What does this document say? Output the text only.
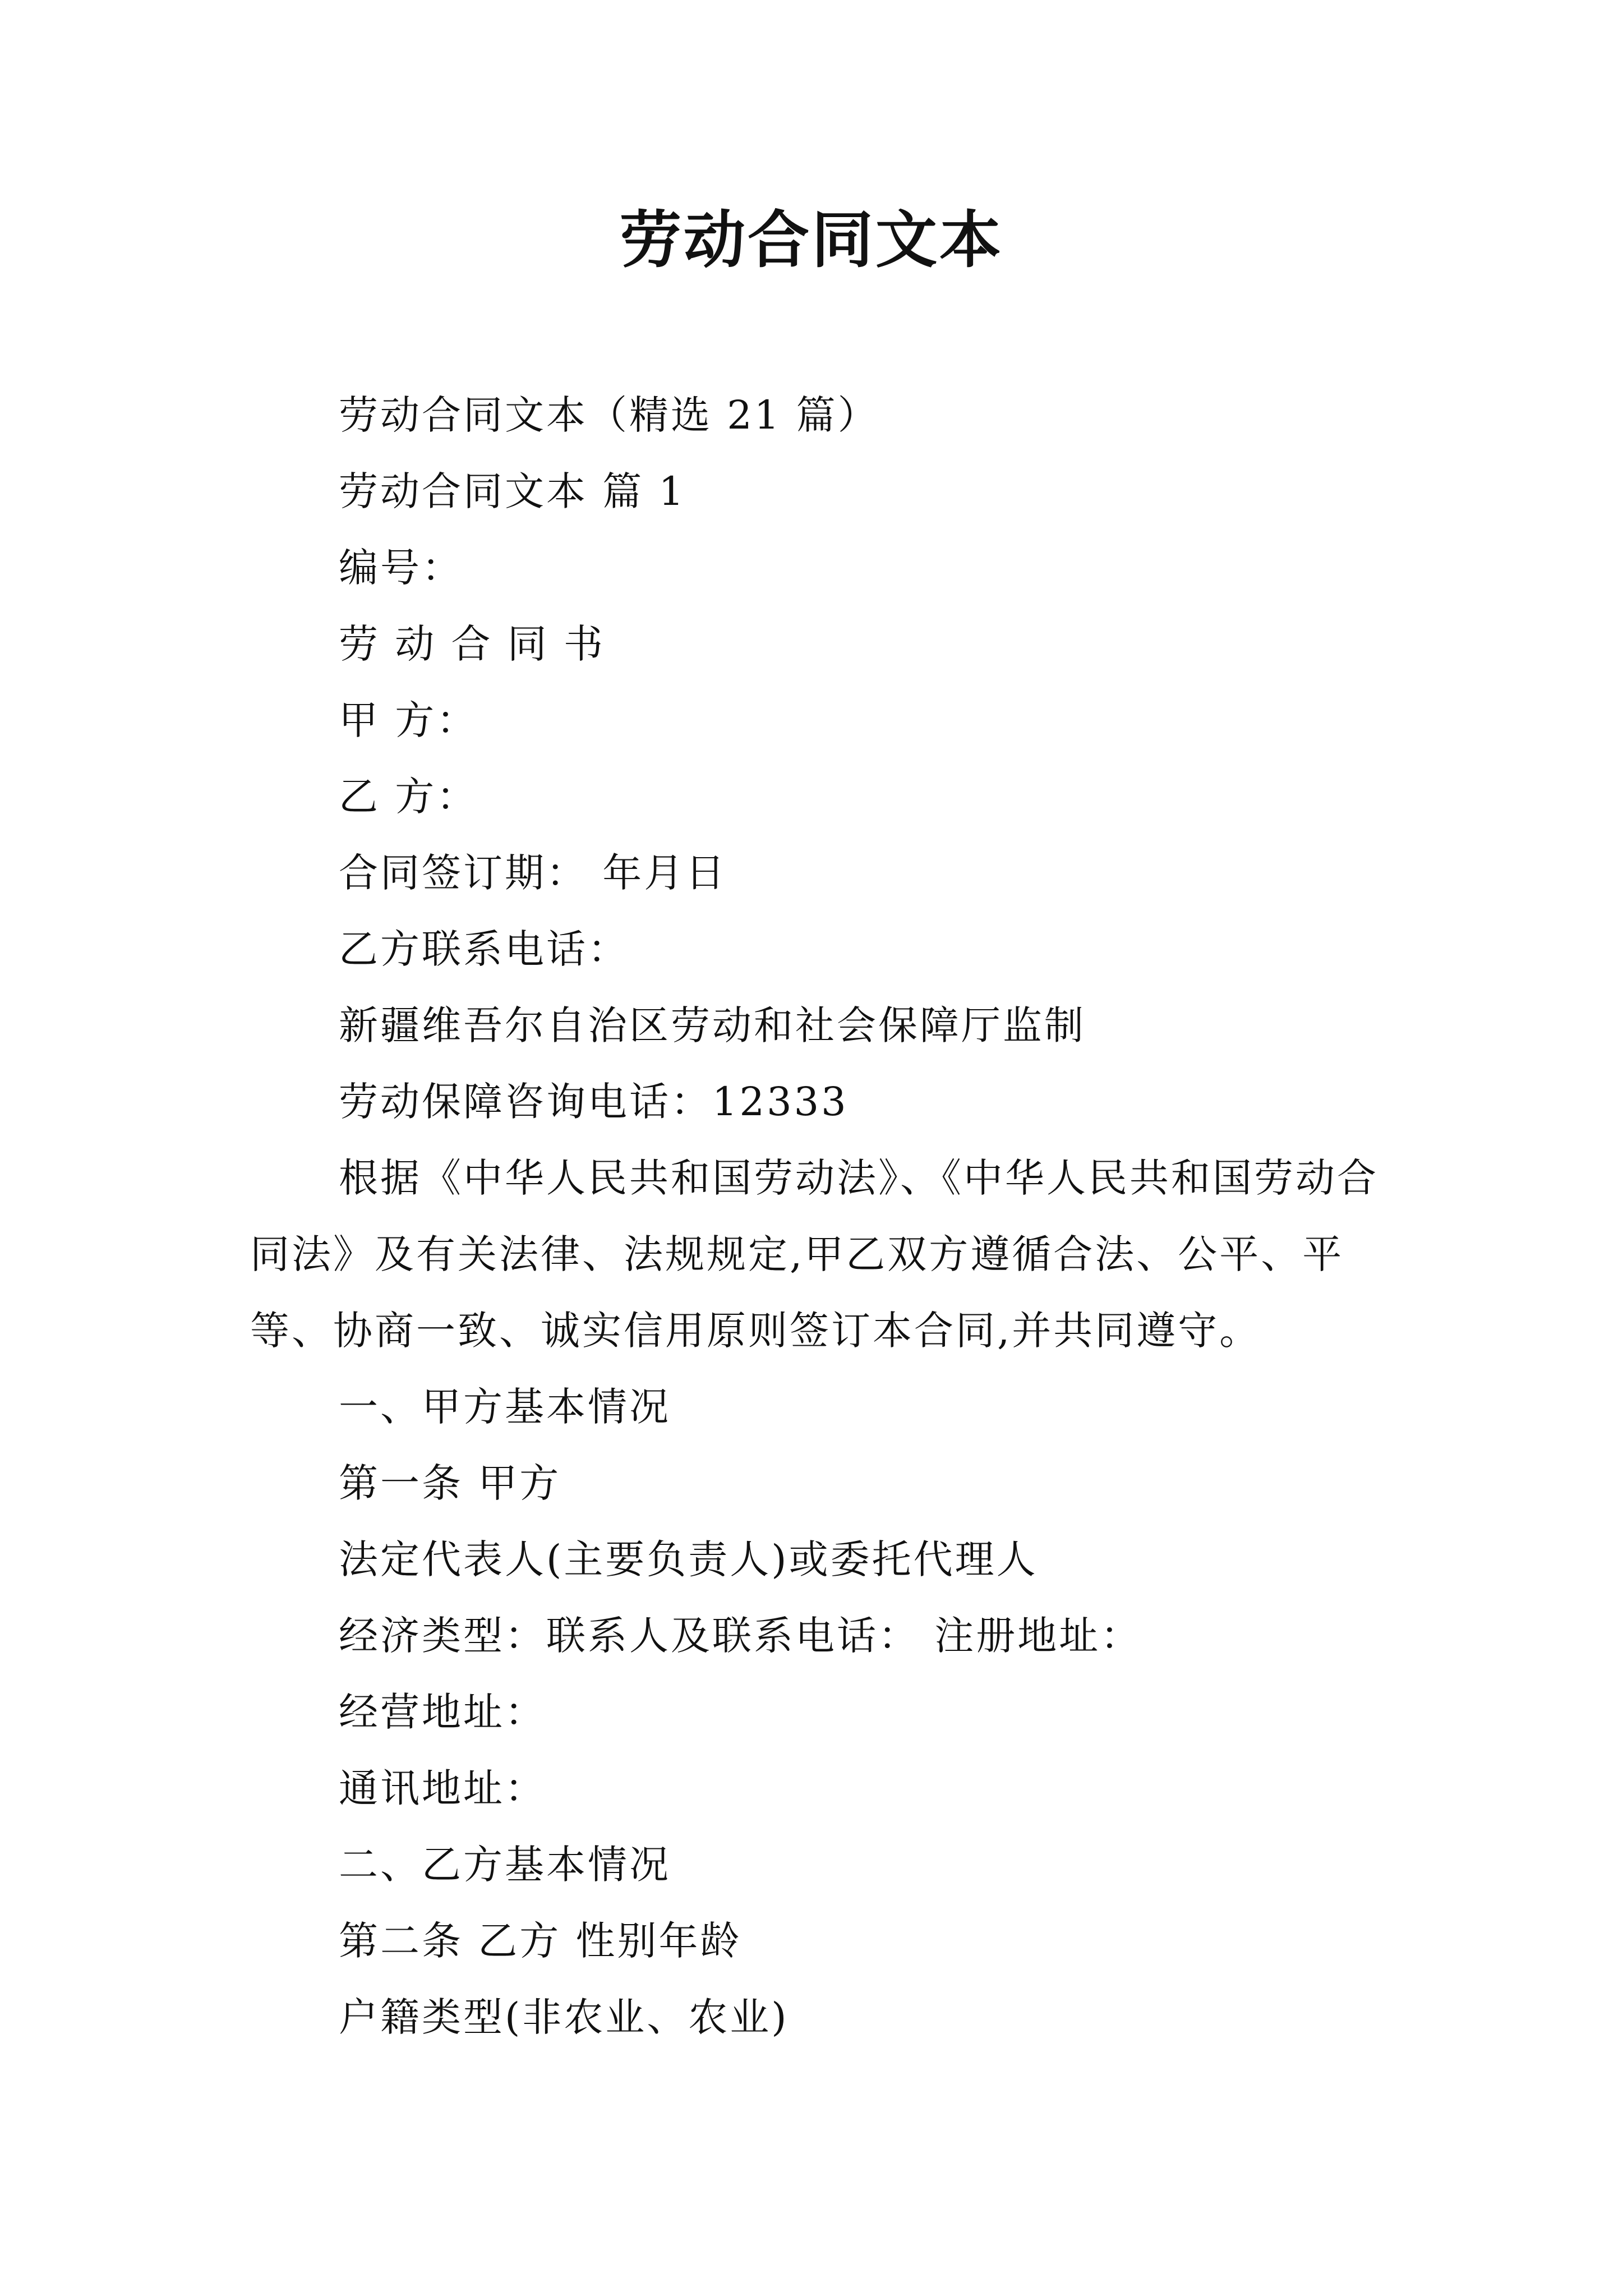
劳动合同文本
劳动合同文本（精选 21 篇）
劳动合同文本 篇 1
编号：
劳 动 合 同 书
甲 方：
乙 方：
合同签订期： 年月日
乙方联系电话：
新疆维吾尔自治区劳动和社会保障厅监制
劳动保障咨询电话：12333
根据《中华人民共和国劳动法》、《中华人民共和国劳动合同法》及有关法律、法规规定,甲乙双方遵循合法、公平、平等、协商一致、诚实信用原则签订本合同,并共同遵守。
一、甲方基本情况
第一条 甲方
法定代表人(主要负责人)或委托代理人
经济类型：联系人及联系电话： 注册地址：
经营地址：
通讯地址：
二、乙方基本情况
第二条 乙方 性别年龄
户籍类型(非农业、农业)
